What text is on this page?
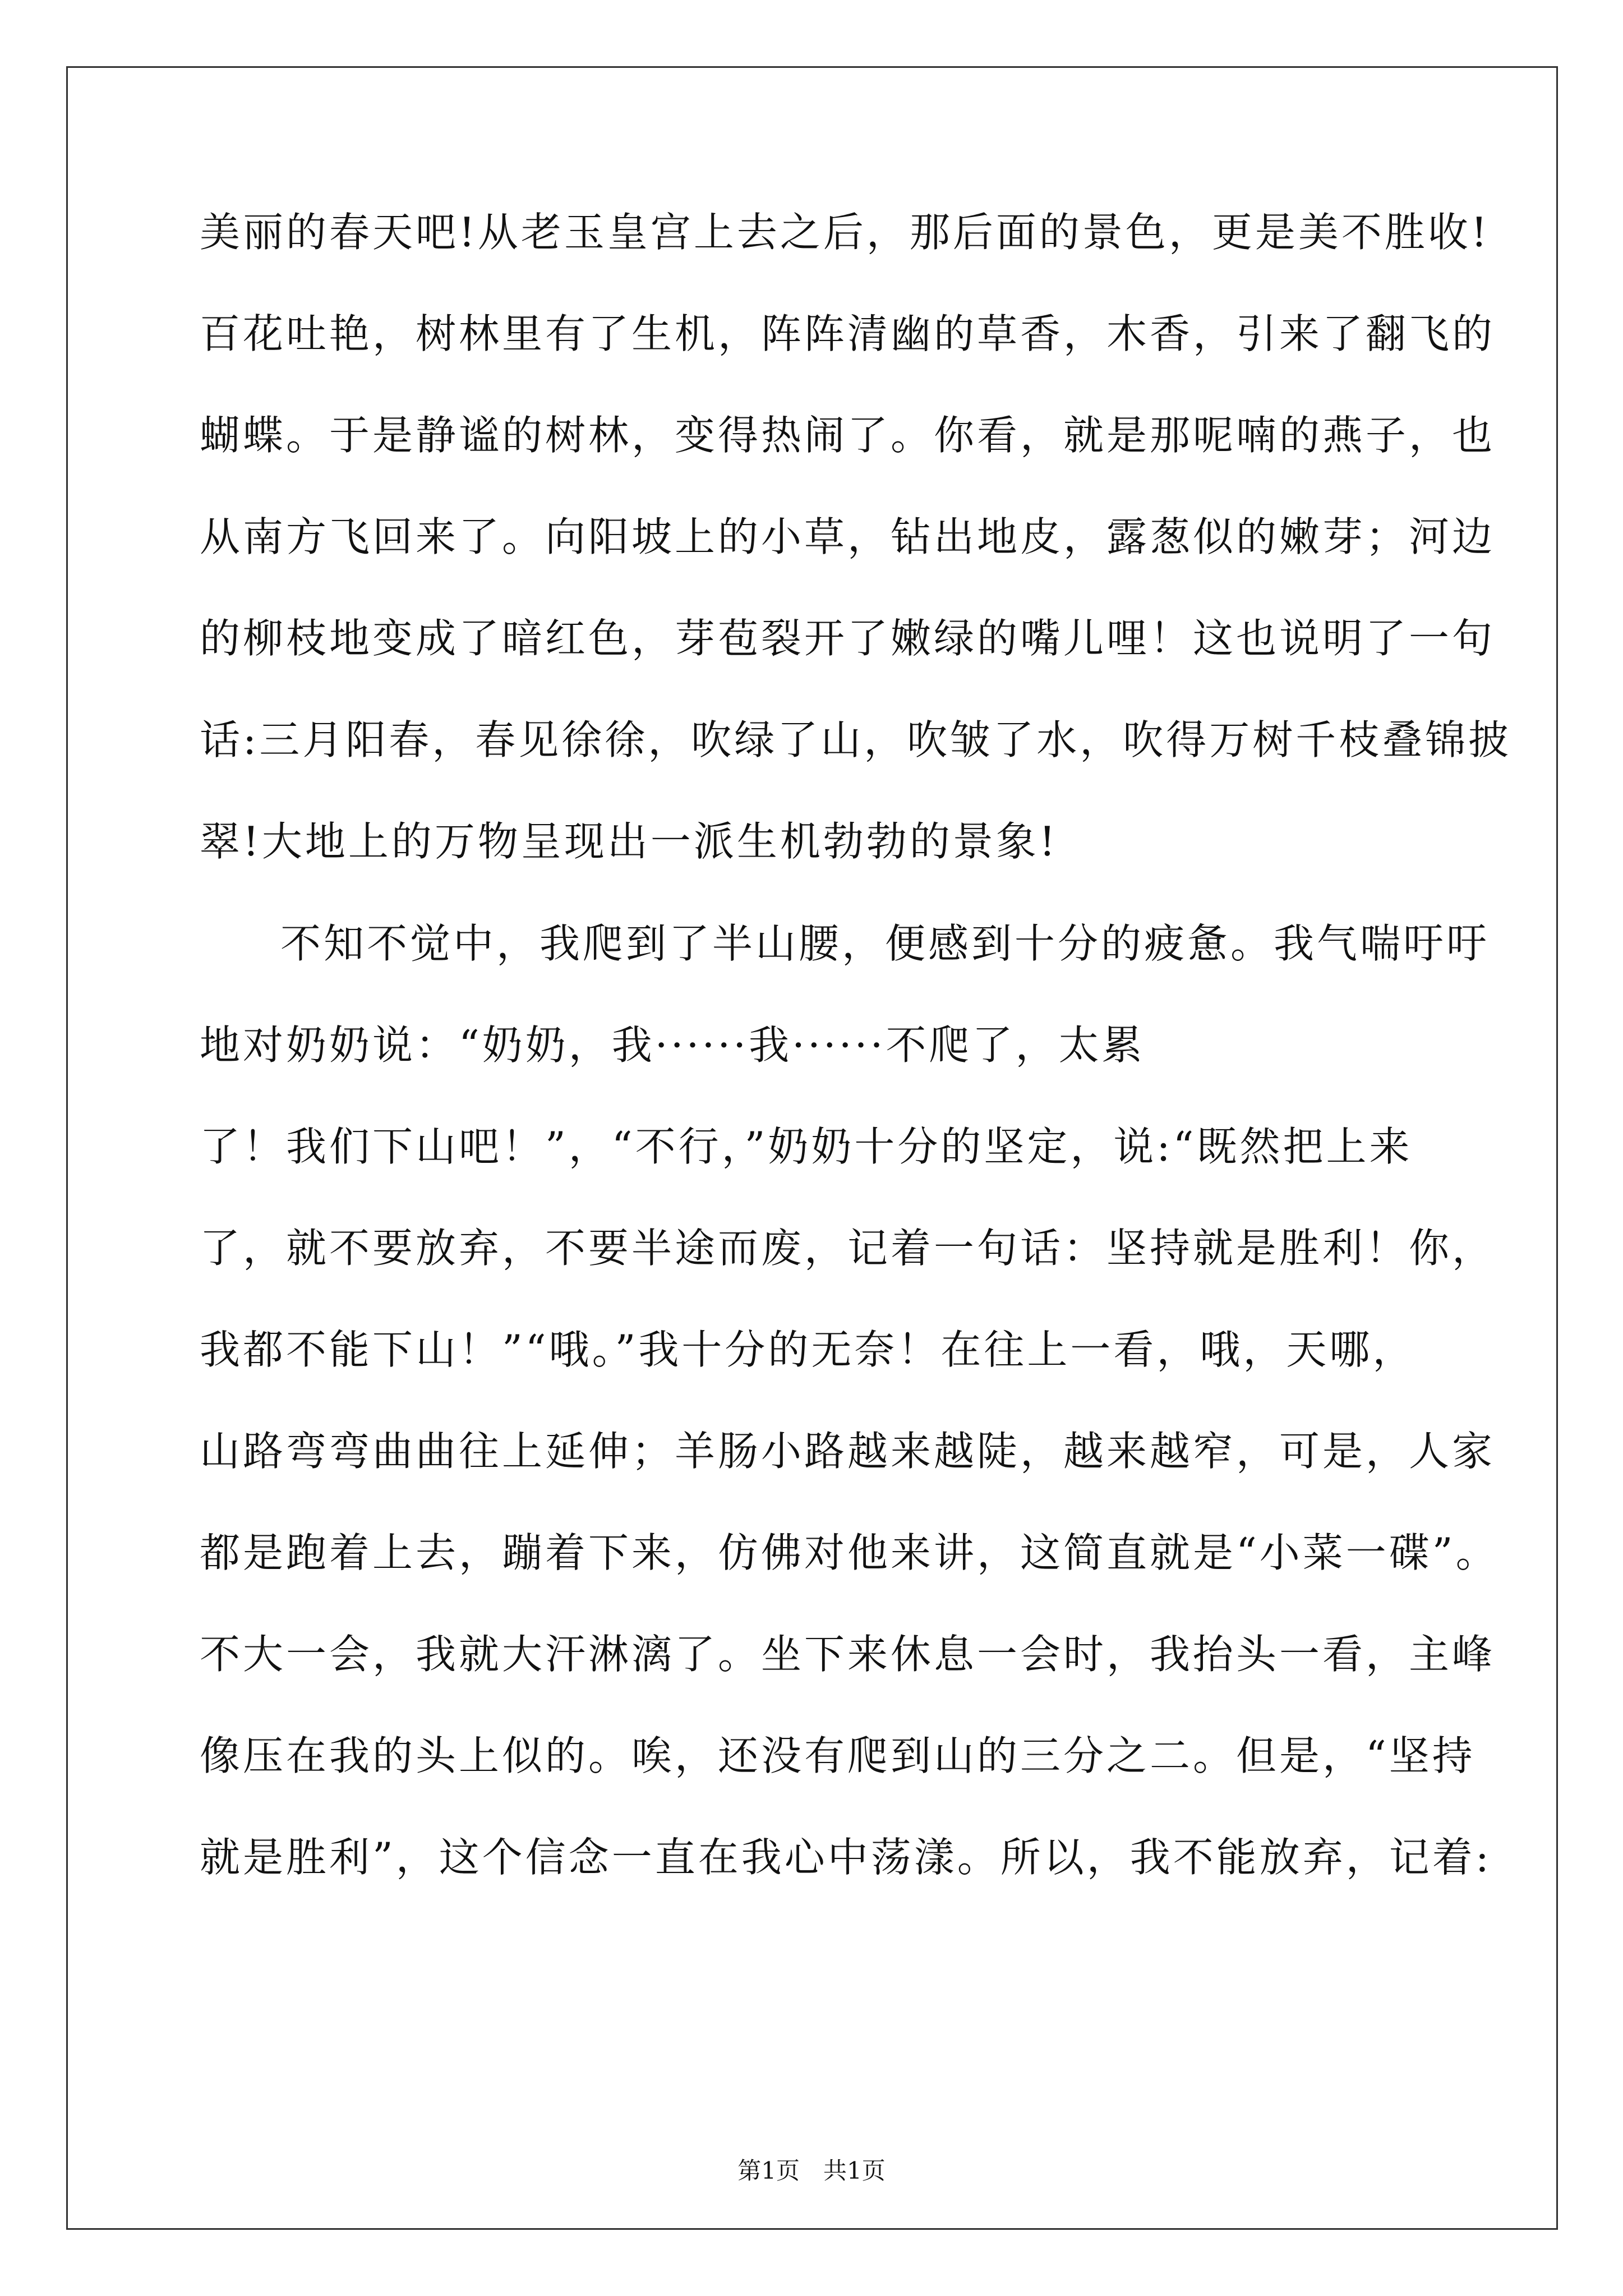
美丽的春天吧!从老玉皇宫上去之后，那后面的景色，更是美不胜收!
百花吐艳，树林里有了生机，阵阵清幽的草香，木香，引来了翻飞的
蝴蝶。于是静谧的树林，变得热闹了。你看，就是那呢喃的燕子，也
从南方飞回来了。向阳坡上的小草，钻出地皮，露葱似的嫩芽；河边
的柳枝地变成了暗红色，芽苞裂开了嫩绿的嘴儿哩！这也说明了一句
话:三月阳春，春见徐徐，吹绿了山，吹皱了水，吹得万树千枝叠锦披
翠!大地上的万物呈现出一派生机勃勃的景象!
不知不觉中，我爬到了半山腰，便感到十分的疲惫。我气喘吁吁
地对奶奶说：“奶奶，我······我······不爬了，太累
了！我们下山吧！”，“不行，”奶奶十分的坚定，说:“既然把上来
了，就不要放弃，不要半途而废，记着一句话：坚持就是胜利！你，
我都不能下山！”“哦。”我十分的无奈！在往上一看，哦，天哪，
山路弯弯曲曲往上延伸；羊肠小路越来越陡，越来越窄，可是，人家
都是跑着上去，蹦着下来，仿佛对他来讲，这简直就是“小菜一碟”。
不大一会，我就大汗淋漓了。坐下来休息一会时，我抬头一看，主峰
像压在我的头上似的。唉，还没有爬到山的三分之二。但是，“坚持
就是胜利”，这个信念一直在我心中荡漾。所以，我不能放弃，记着:
第1页　共1页
